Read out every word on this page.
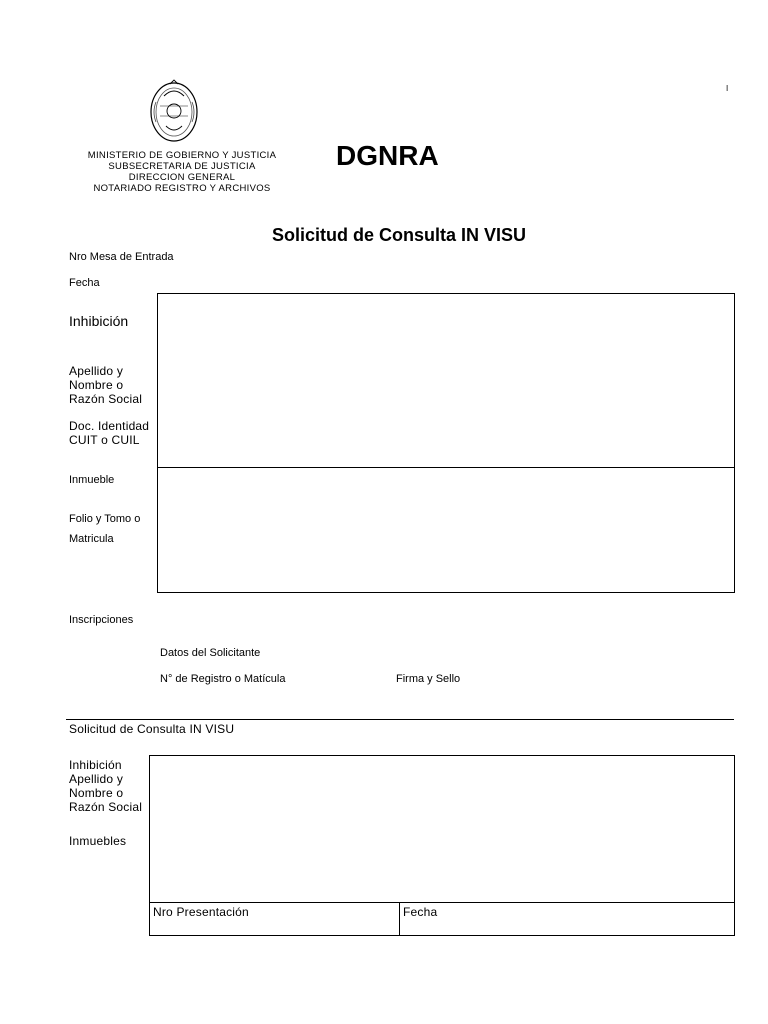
MINISTERIO DE GOBIERNO Y JUSTICIA
SUBSECRETARIA DE JUSTICIA
DIRECCION GENERAL
NOTARIADO REGISTRO Y ARCHIVOS
DGNRA
I
Solicitud de Consulta IN VISU
Nro Mesa de Entrada
Fecha
Inhibición
Apellido y
Nombre o
Razón Social
Doc. Identidad
CUIT o CUIL
Inmueble
Folio y Tomo o
Matricula
Inscripciones
Datos del Solicitante
N° de Registro o Matícula	Firma y Sello
Solicitud de Consulta IN VISU
Inhibición
Apellido y
Nombre o
Razón Social
Inmuebles
Nro Presentación	Fecha
